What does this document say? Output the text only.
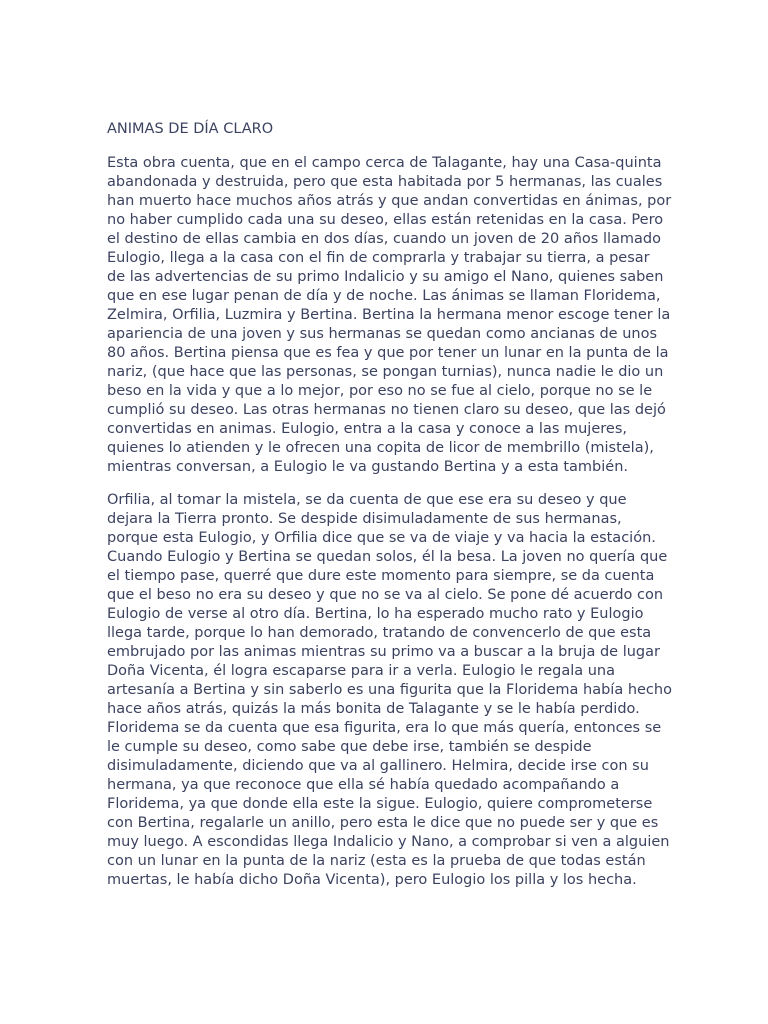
ANIMAS DE DÍA CLARO

Esta obra cuenta, que en el campo cerca de Talagante, hay una Casa-quinta abandonada y destruida, pero que esta habitada por 5 hermanas, las cuales han muerto hace muchos años atrás y que andan convertidas en ánimas, por no haber cumplido cada una su deseo, ellas están retenidas en la casa. Pero el destino de ellas cambia en dos días, cuando un joven de 20 años llamado Eulogio, llega a la casa con el fin de comprarla y trabajar su tierra, a pesar de las advertencias de su primo Indalicio y su amigo el Nano, quienes saben que en ese lugar penan de día y de noche. Las ánimas se llaman Floridema, Zelmira, Orfilia, Luzmira y Bertina. Bertina la hermana menor escoge tener la apariencia de una joven y sus hermanas se quedan como ancianas de unos 80 años. Bertina piensa que es fea y que por tener un lunar en la punta de la nariz, (que hace que las personas, se pongan turnias), nunca nadie le dio un beso en la vida y que a lo mejor, por eso no se fue al cielo, porque no se le cumplió su deseo. Las otras hermanas no tienen claro su deseo, que las dejó convertidas en animas. Eulogio, entra a la casa y conoce a las mujeres, quienes lo atienden y le ofrecen una copita de licor de membrillo (mistela), mientras conversan, a Eulogio le va gustando Bertina y a esta también.

Orfilia, al tomar la mistela, se da cuenta de que ese era su deseo y que dejara la Tierra pronto. Se despide disimuladamente de sus hermanas, porque esta Eulogio, y Orfilia dice que se va de viaje y va hacia la estación. Cuando Eulogio y Bertina se quedan solos, él la besa. La joven no quería que el tiempo pase, querré que dure este momento para siempre, se da cuenta que el beso no era su deseo y que no se va al cielo. Se pone dé acuerdo con Eulogio de verse al otro día. Bertina, lo ha esperado mucho rato y Eulogio llega tarde, porque lo han demorado, tratando de convencerlo de que esta embrujado por las animas mientras su primo va a buscar a la bruja de lugar Doña Vicenta, él logra escaparse para ir a verla. Eulogio le regala una artesanía a Bertina y sin saberlo es una figurita que la Floridema había hecho hace años atrás, quizás la más bonita de Talagante y se le había perdido. Floridema se da cuenta que esa figurita, era lo que más quería, entonces se le cumple su deseo, como sabe que debe irse, también se despide disimuladamente, diciendo que va al gallinero. Helmira, decide irse con su hermana, ya que reconoce que ella sé había quedado acompañando a Floridema, ya que donde ella este la sigue. Eulogio, quiere comprometerse con Bertina, regalarle un anillo, pero esta le dice que no puede ser y que es muy luego. A escondidas llega Indalicio y Nano, a comprobar si ven a alguien con un lunar en la punta de la nariz (esta es la prueba de que todas están muertas, le había dicho Doña Vicenta), pero Eulogio los pilla y los hecha.
